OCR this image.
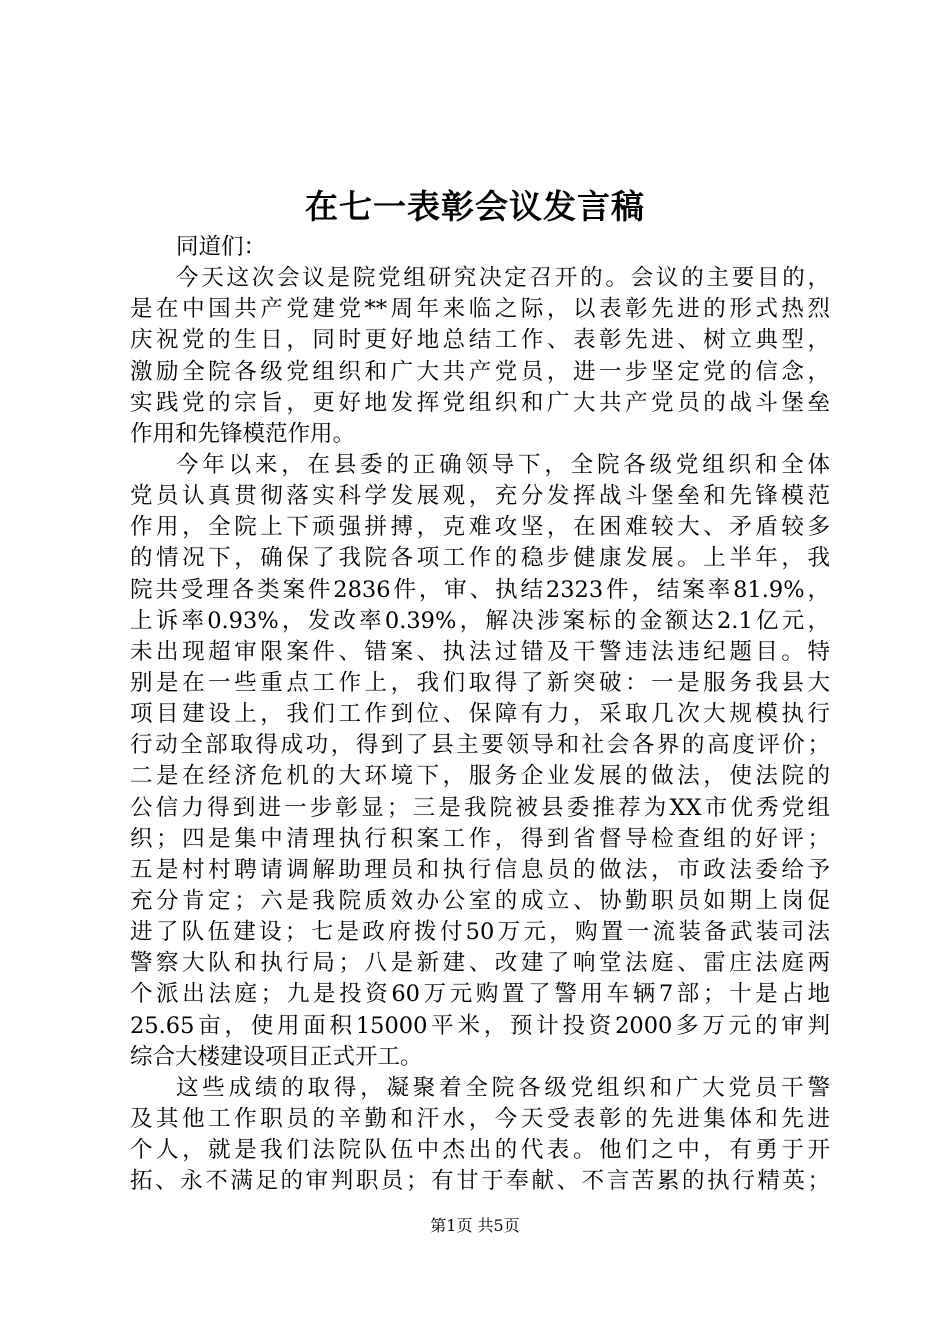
在七一表彰会议发言稿
同道们：
今天这次会议是院党组研究决定召开的。会议的主要目的，
是在中国共产党建党**周年来临之际，以表彰先进的形式热烈
庆祝党的生日，同时更好地总结工作、表彰先进、树立典型，
激励全院各级党组织和广大共产党员，进一步坚定党的信念，
实践党的宗旨，更好地发挥党组织和广大共产党员的战斗堡垒
作用和先锋模范作用。
今年以来，在县委的正确领导下，全院各级党组织和全体
党员认真贯彻落实科学发展观，充分发挥战斗堡垒和先锋模范
作用，全院上下顽强拼搏，克难攻坚，在困难较大、矛盾较多
的情况下，确保了我院各项工作的稳步健康发展。上半年，我
院共受理各类案件2836件，审、执结2323件，结案率81.9%，
上诉率0.93%，发改率0.39%，解决涉案标的金额达2.1亿元，
未出现超审限案件、错案、执法过错及干警违法违纪题目。特
别是在一些重点工作上，我们取得了新突破：一是服务我县大
项目建设上，我们工作到位、保障有力，采取几次大规模执行
行动全部取得成功，得到了县主要领导和社会各界的高度评价；
二是在经济危机的大环境下，服务企业发展的做法，使法院的
公信力得到进一步彰显；三是我院被县委推荐为XX市优秀党组
织；四是集中清理执行积案工作，得到省督导检查组的好评；
五是村村聘请调解助理员和执行信息员的做法，市政法委给予
充分肯定；六是我院质效办公室的成立、协勤职员如期上岗促
进了队伍建设；七是政府拨付50万元，购置一流装备武装司法
警察大队和执行局；八是新建、改建了响堂法庭、雷庄法庭两
个派出法庭；九是投资60万元购置了警用车辆7部；十是占地
25.65亩，使用面积15000平米，预计投资2000多万元的审判
综合大楼建设项目正式开工。
这些成绩的取得，凝聚着全院各级党组织和广大党员干警
及其他工作职员的辛勤和汗水，今天受表彰的先进集体和先进
个人，就是我们法院队伍中杰出的代表。他们之中，有勇于开
拓、永不满足的审判职员；有甘于奉献、不言苦累的执行精英；
第1页 共5页
